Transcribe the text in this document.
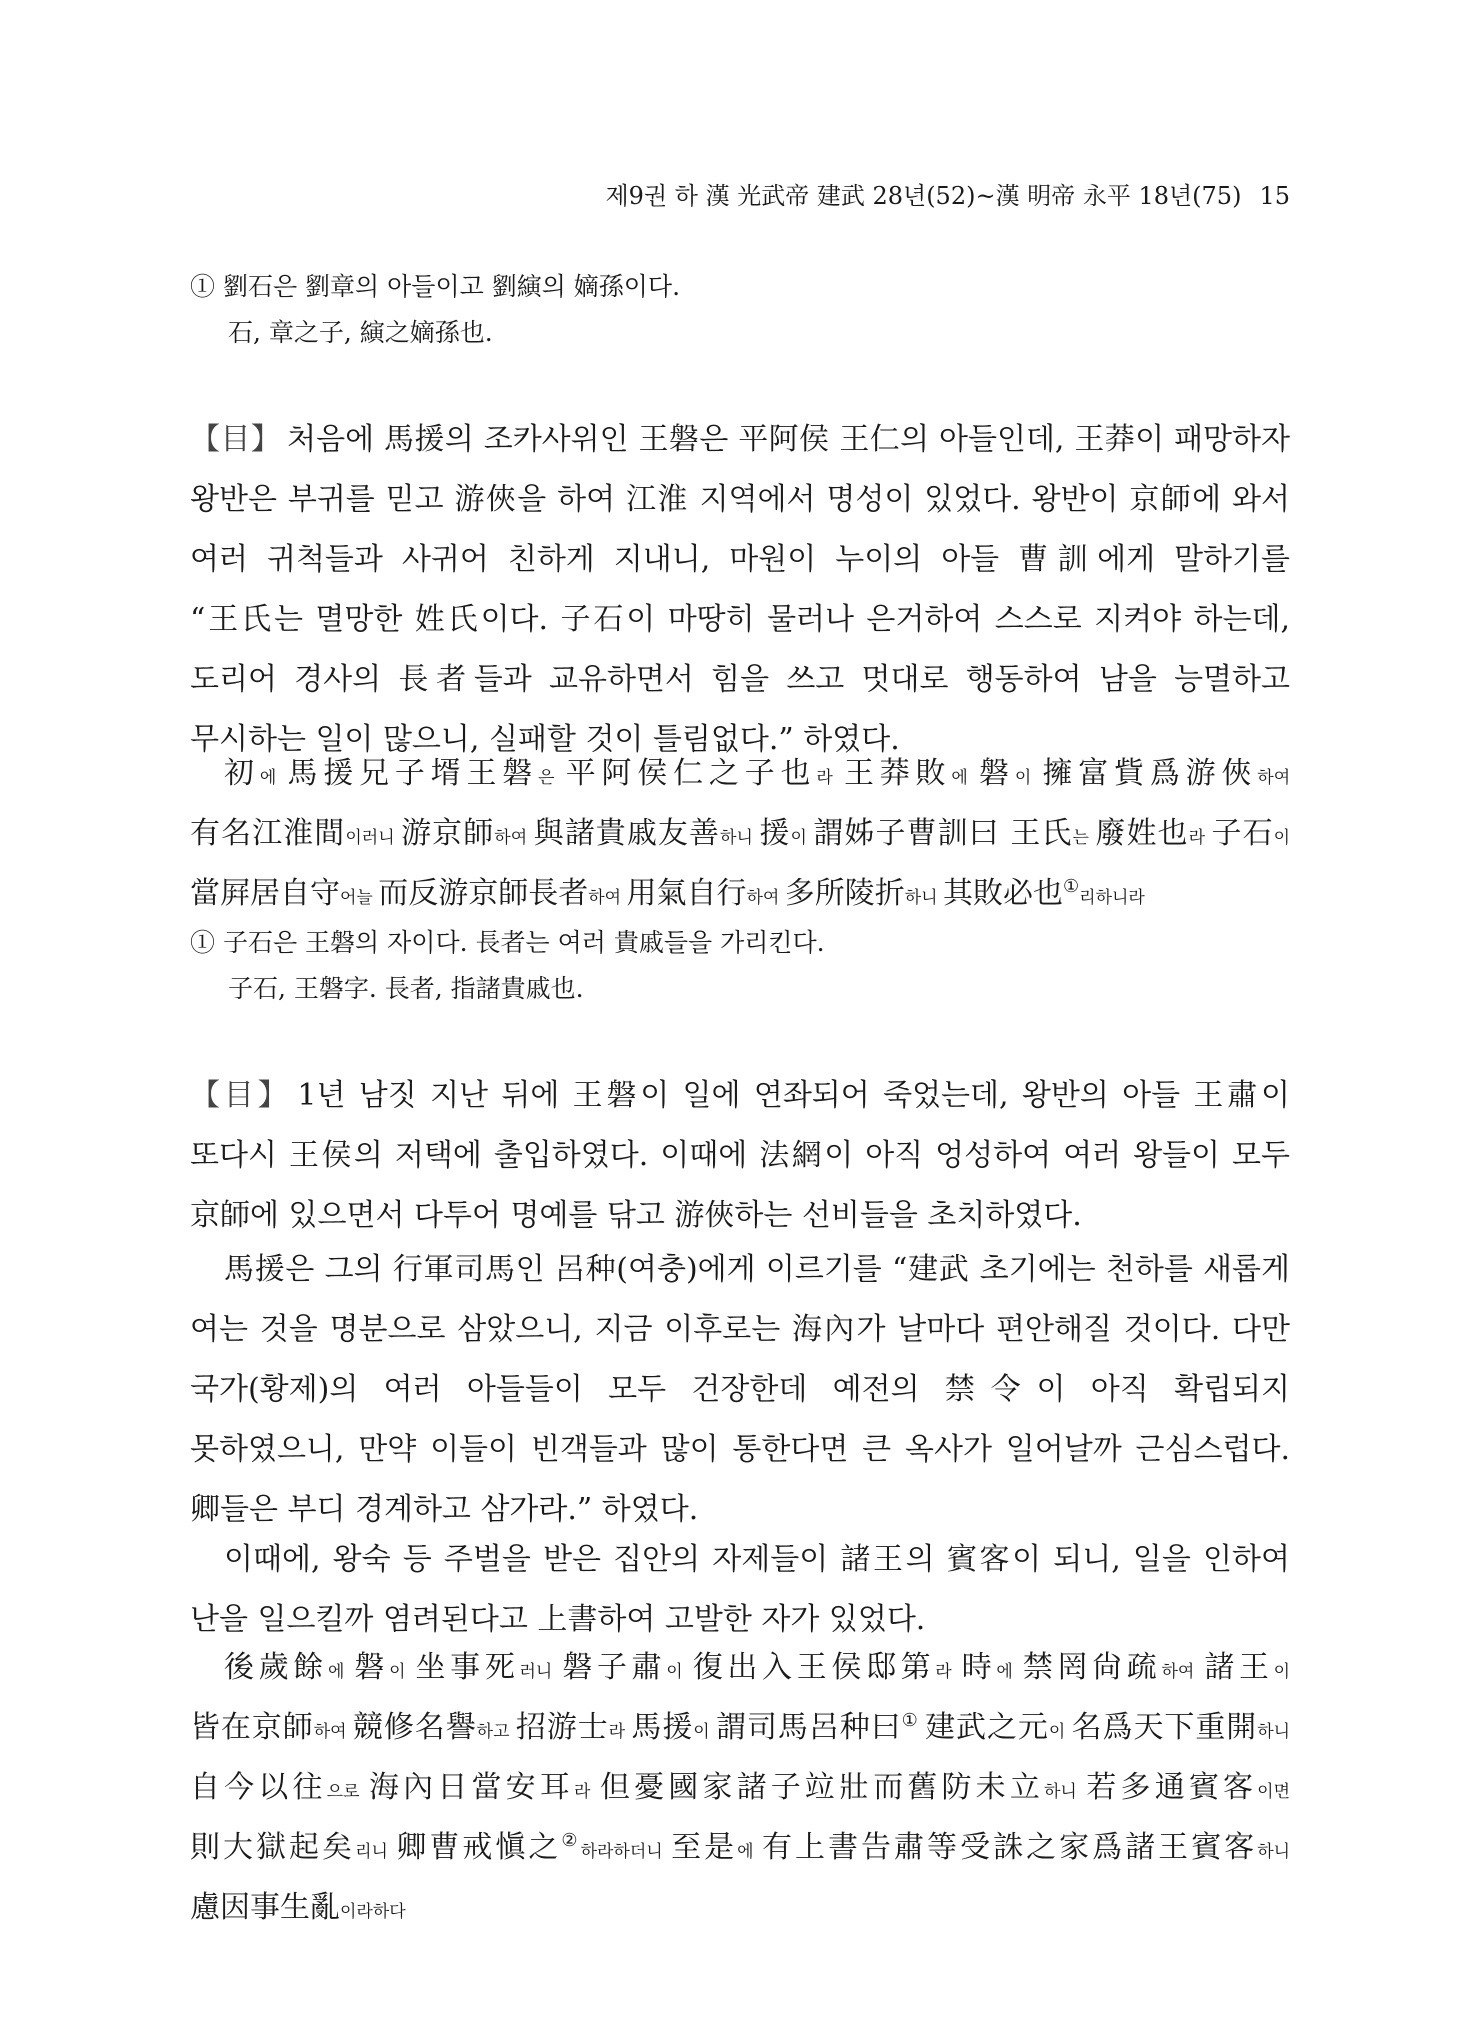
제9권 하 漢 光武帝 建武 28년(52)~漢 明帝 永平 18년(75) 15
① 劉石은 劉章의 아들이고 劉縯의 嫡孫이다.
石, 章之子, 縯之嫡孫也.
【目】 처음에 馬援의 조카사위인 王磐은 平阿侯 王仁의 아들인데, 王莽이 패망하자 왕반은 부귀를 믿고 游俠을 하여 江淮 지역에서 명성이 있었다. 왕반이 京師에 와서 여러 귀척들과 사귀어 친하게 지내니, 마원이 누이의 아들 曹訓에게 말하기를 “王氏는 멸망한 姓氏이다. 子石이 마땅히 물러나 은거하여 스스로 지켜야 하는데, 도리어 경사의 長者들과 교유하면서 힘을 쓰고 멋대로 행동하여 남을 능멸하고 무시하는 일이 많으니, 실패할 것이 틀림없다.” 하였다.
初에 馬援兄子壻王磐은 平阿侯仁之子也라 王莽敗에 磐이 擁富貲爲游俠하여 有名江淮間이러니 游京師하여 與諸貴戚友善하니 援이 謂姊子曹訓曰 王氏는 廢姓也라 子石이 當屛居自守어늘 而反游京師長者하여 用氣自行하여 多所陵折하니 其敗必也①리하니라
① 子石은 王磐의 자이다. 長者는 여러 貴戚들을 가리킨다.
子石, 王磐字. 長者, 指諸貴戚也.
【目】 1년 남짓 지난 뒤에 王磐이 일에 연좌되어 죽었는데, 왕반의 아들 王肅이 또다시 王侯의 저택에 출입하였다. 이때에 法網이 아직 엉성하여 여러 왕들이 모두 京師에 있으면서 다투어 명예를 닦고 游俠하는 선비들을 초치하였다.
馬援은 그의 行軍司馬인 呂种(여충)에게 이르기를 “建武 초기에는 천하를 새롭게 여는 것을 명분으로 삼았으니, 지금 이후로는 海內가 날마다 편안해질 것이다. 다만 국가(황제)의 여러 아들들이 모두 건장한데 예전의 禁令이 아직 확립되지 못하였으니, 만약 이들이 빈객들과 많이 통한다면 큰 옥사가 일어날까 근심스럽다. 卿들은 부디 경계하고 삼가라.” 하였다.
이때에, 왕숙 등 주벌을 받은 집안의 자제들이 諸王의 賓客이 되니, 일을 인하여 난을 일으킬까 염려된다고 上書하여 고발한 자가 있었다.
後歲餘에 磐이 坐事死러니 磐子肅이 復出入王侯邸第라 時에 禁罔尙疏하여 諸王이 皆在京師하여 競修名譽하고 招游士라 馬援이 謂司馬呂种曰① 建武之元이 名爲天下重開하니 自今以往으로 海內日當安耳라 但憂國家諸子竝壯而舊防未立하니 若多通賓客이면 則大獄起矣리니 卿曹戒愼之②하라하더니 至是에 有上書告肅等受誅之家爲諸王賓客하니 慮因事生亂이라하다
